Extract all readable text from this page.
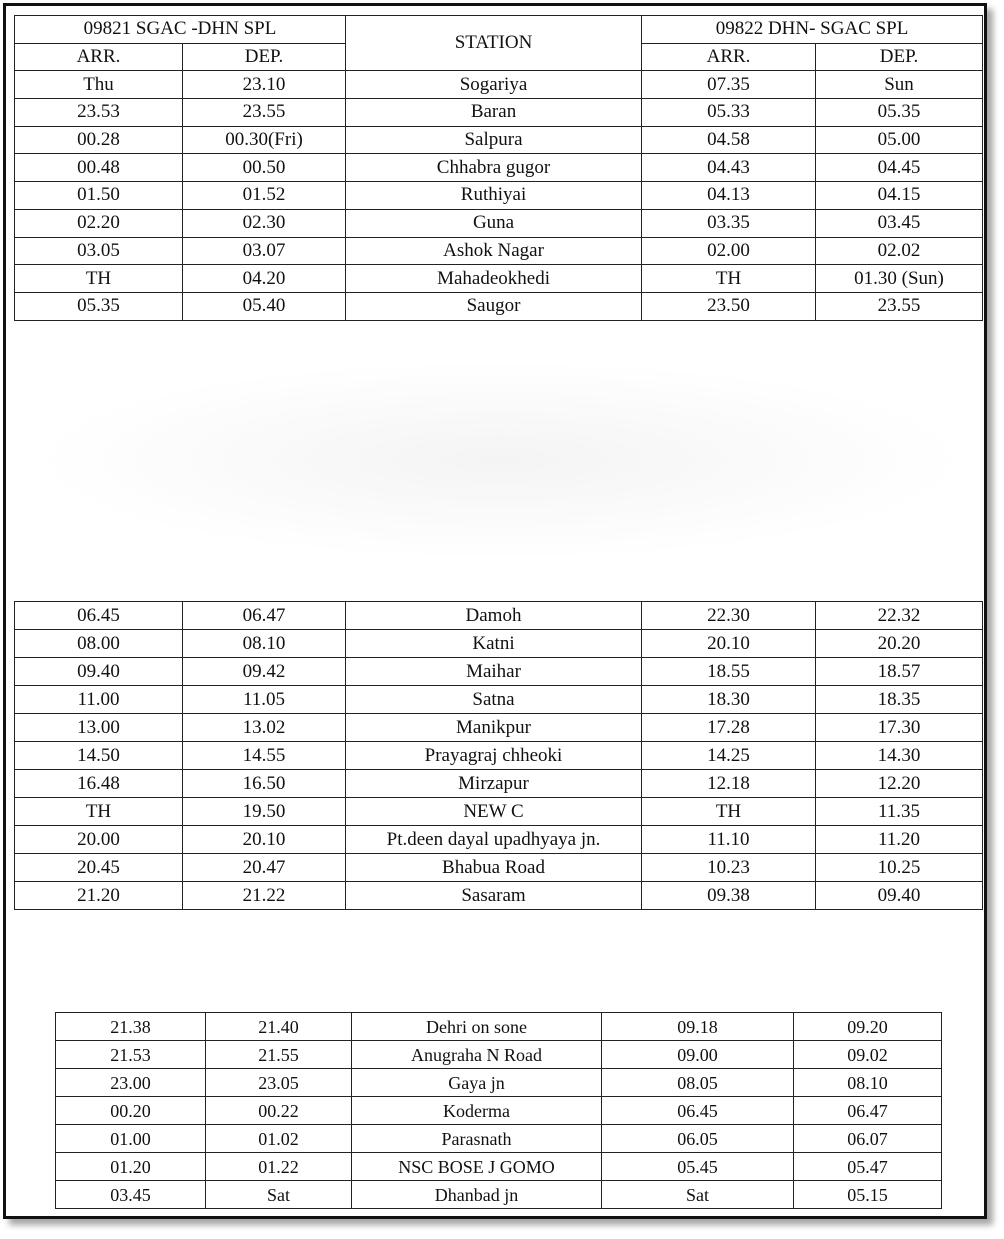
09821 SGAC -DHN SPL		STATION	09822 DHN- SGAC SPL	
ARR.	DEP.		ARR.	DEP.
Thu	23.10	Sogariya	07.35	Sun
23.53	23.55	Baran	05.33	05.35
00.28	00.30(Fri)	Salpura	04.58	05.00
00.48	00.50	Chhabra gugor	04.43	04.45
01.50	01.52	Ruthiyai	04.13	04.15
02.20	02.30	Guna	03.35	03.45
03.05	03.07	Ashok Nagar	02.00	02.02
TH	04.20	Mahadeokhedi	TH	01.30 (Sun)
05.35	05.40	Saugor	23.50	23.55
06.45	06.47	Damoh	22.30	22.32
08.00	08.10	Katni	20.10	20.20
09.40	09.42	Maihar	18.55	18.57
11.00	11.05	Satna	18.30	18.35
13.00	13.02	Manikpur	17.28	17.30
14.50	14.55	Prayagraj chheoki	14.25	14.30
16.48	16.50	Mirzapur	12.18	12.20
TH	19.50	NEW C	TH	11.35
20.00	20.10	Pt.deen dayal upadhyaya jn.	11.10	11.20
20.45	20.47	Bhabua Road	10.23	10.25
21.20	21.22	Sasaram	09.38	09.40
21.38	21.40	Dehri on sone	09.18	09.20
21.53	21.55	Anugraha N Road	09.00	09.02
23.00	23.05	Gaya jn	08.05	08.10
00.20	00.22	Koderma	06.45	06.47
01.00	01.02	Parasnath	06.05	06.07
01.20	01.22	NSC BOSE J GOMO	05.45	05.47
03.45	Sat	Dhanbad jn	Sat	05.15
